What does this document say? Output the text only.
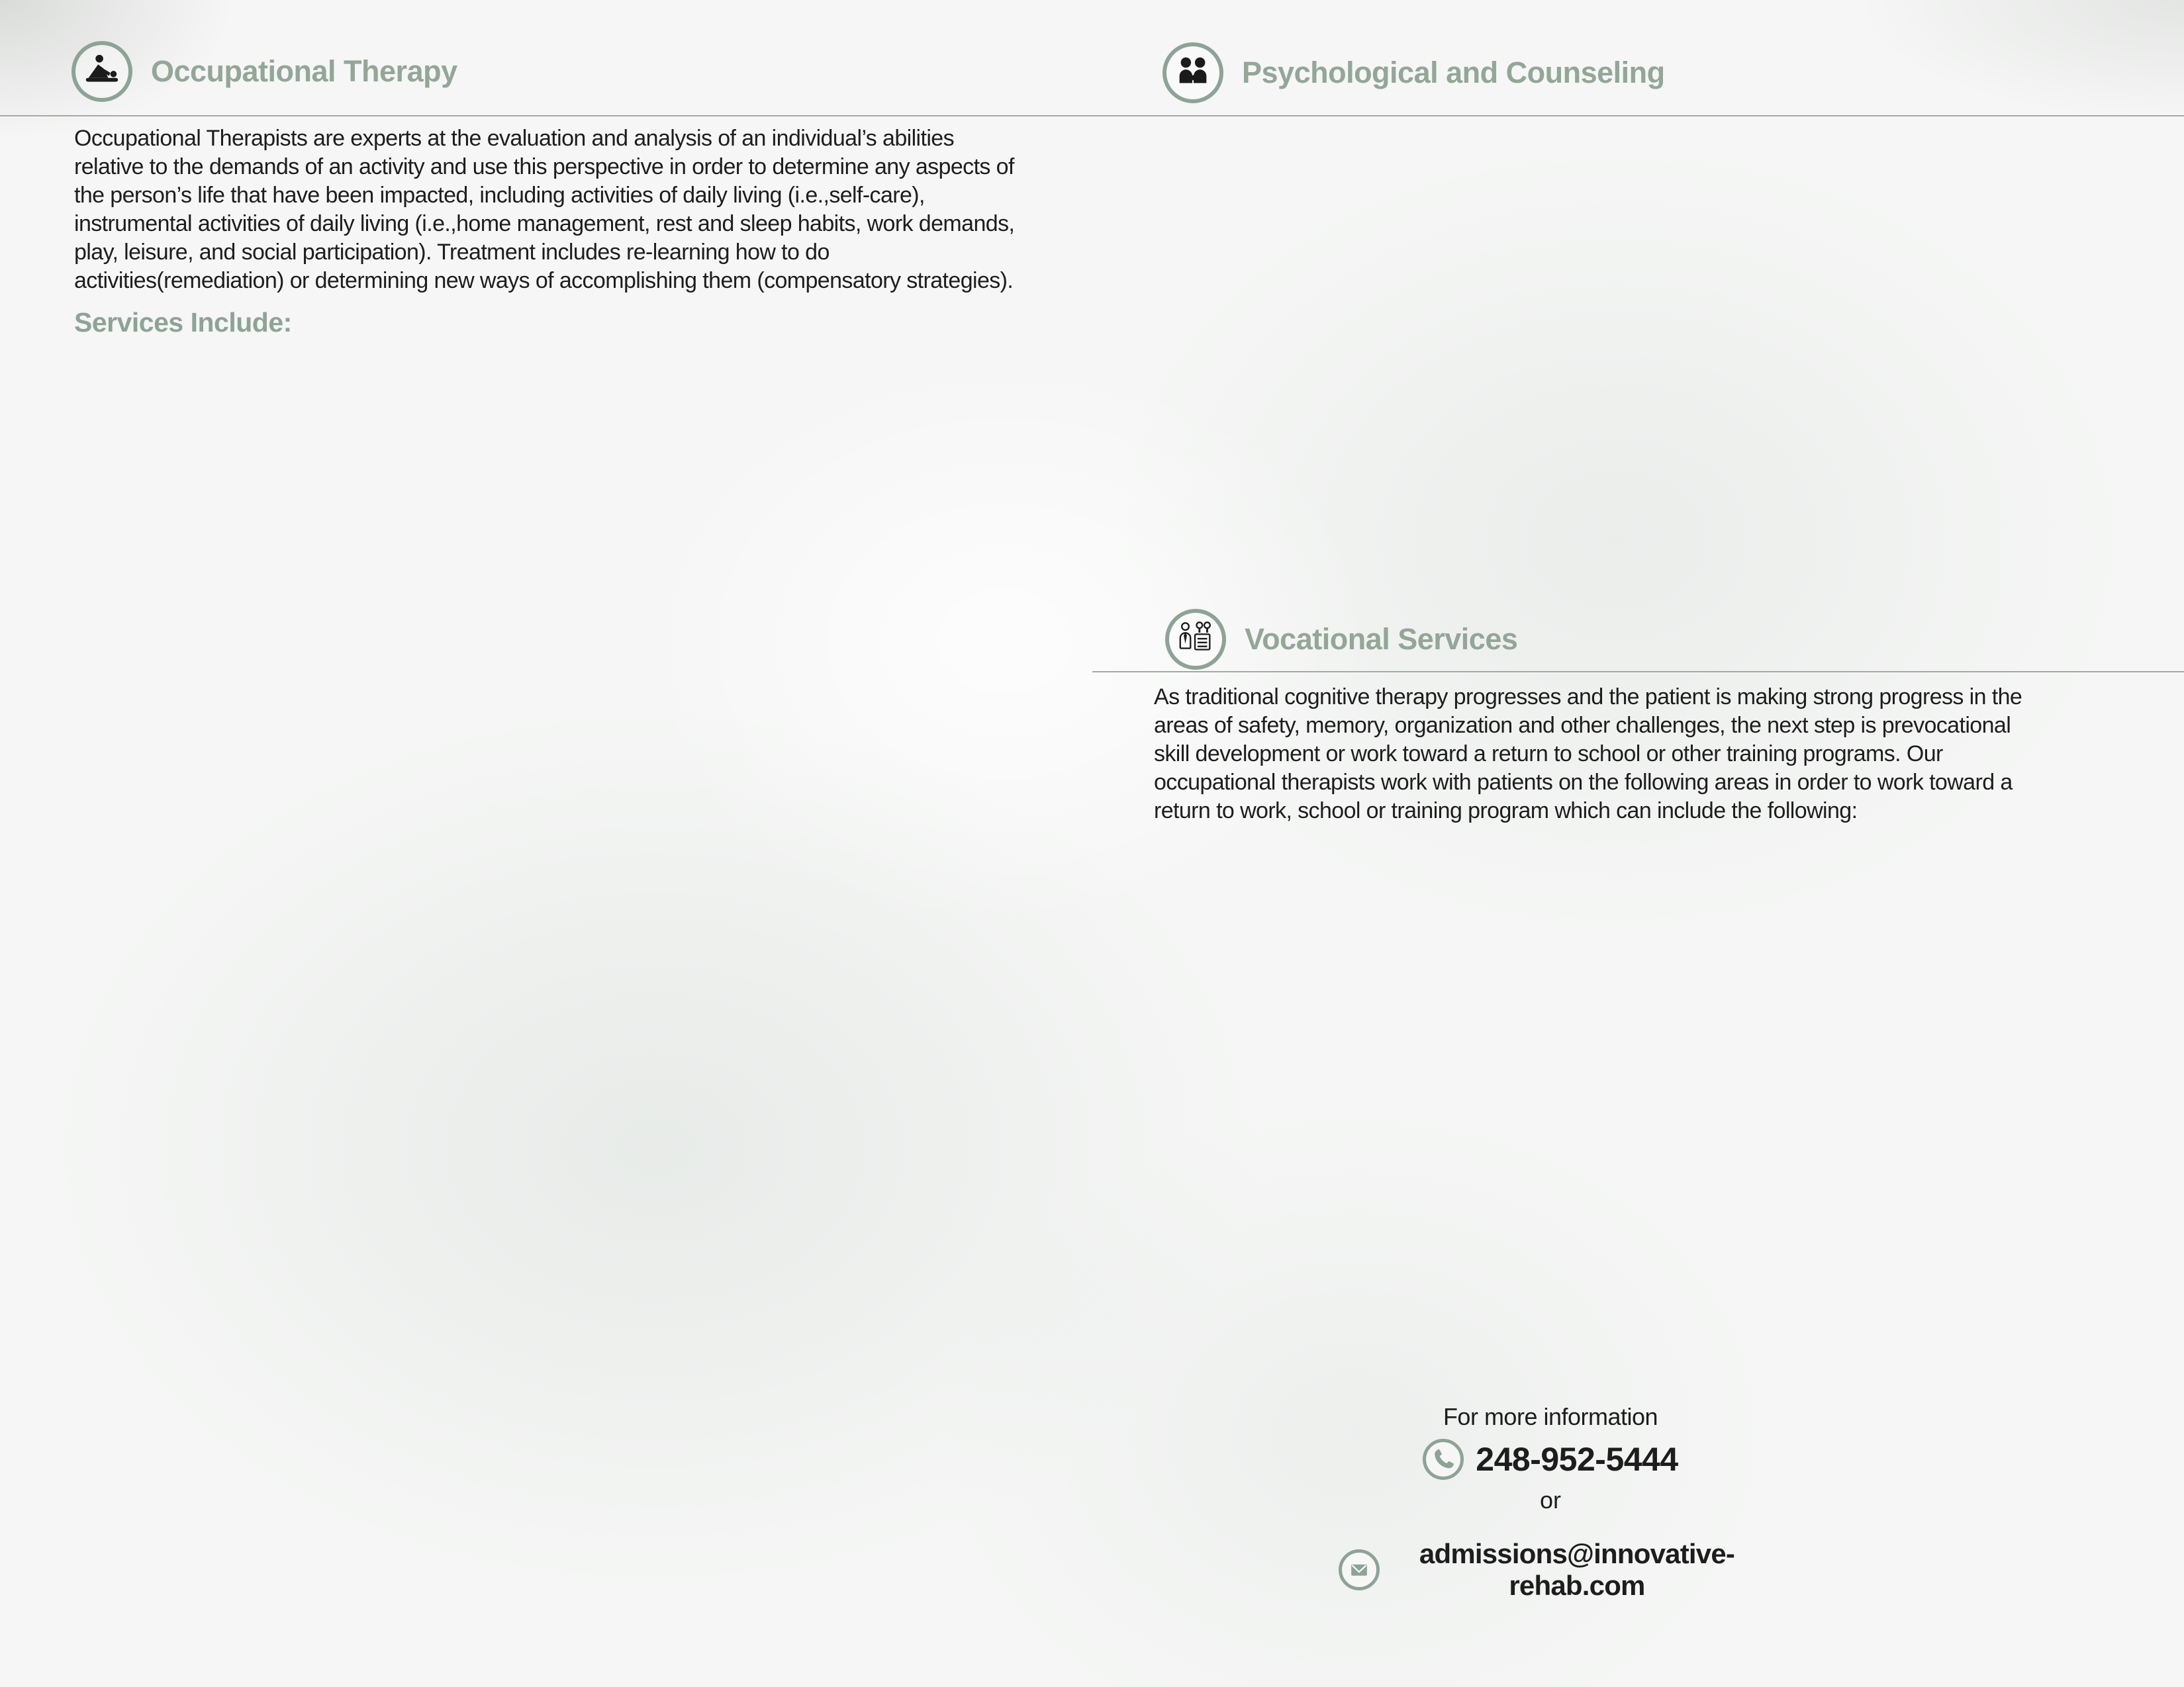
Occupational Therapy

Occupational Therapists are experts at the evaluation and analysis of an individual’s abilities relative to the demands of an activity and use this perspective in order to determine any aspects of the person’s life that have been impacted, including activities of daily living (i.e.,self-care), instrumental activities of daily living (i.e.,home management, rest and sleep habits, work demands, play, leisure, and social participation). Treatment includes re-learning how to do activities(remediation) or determining new ways of accomplishing them (compensatory strategies).

Services Include:
Psychological and Counseling
Vocational Services

As traditional cognitive therapy progresses and the patient is making strong progress in the areas of safety, memory, organization and other challenges, the next step is prevocational skill development or work toward a return to school or other training programs. Our occupational therapists work with patients on the following areas in order to work toward a return to work, school or training program which can include the following:

For more information

248-952-5444

or

admissions@innovative-rehab.com
